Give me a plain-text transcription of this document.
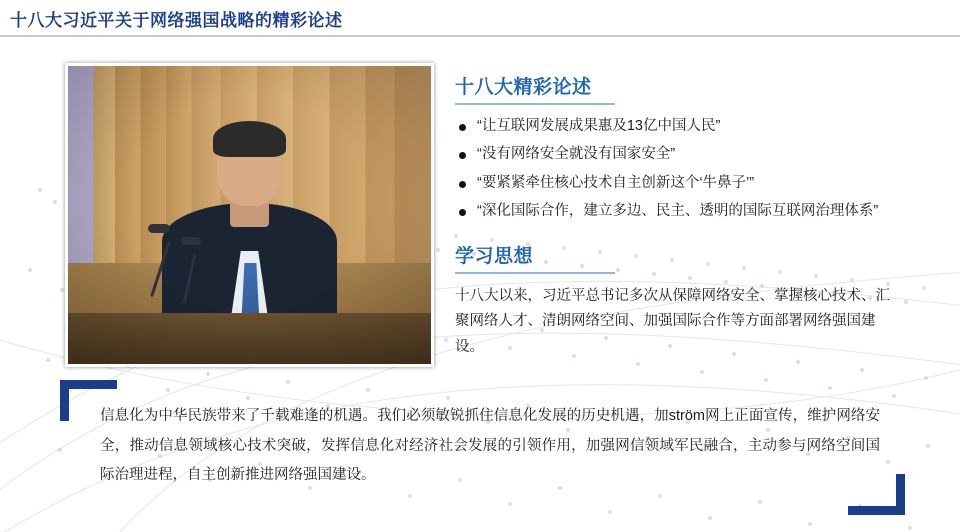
十八大习近平关于网络强国战略的精彩论述
十八大精彩论述
“让互联网发展成果惠及13亿中国人民”
“没有网络安全就没有国家安全”
“要紧紧牵住核心技术自主创新这个‘牛鼻子’”
“深化国际合作，建立多边、民主、透明的国际互联网治理体系”
学习思想

十八大以来，习近平总书记多次从保障网络安全、掌握核心技术、汇聚网络人才、清朗网络空间、加强国际合作等方面部署网络强国建设。

信息化为中华民族带来了千载难逢的机遇。我们必须敏锐抓住信息化发展的历史机遇，加ström网上正面宣传，维护网络安全，推动信息领域核心技术突破，发挥信息化对经济社会发展的引领作用，加强网信领域军民融合，主动参与网络空间国际治理进程，自主创新推进网络强国建设。
